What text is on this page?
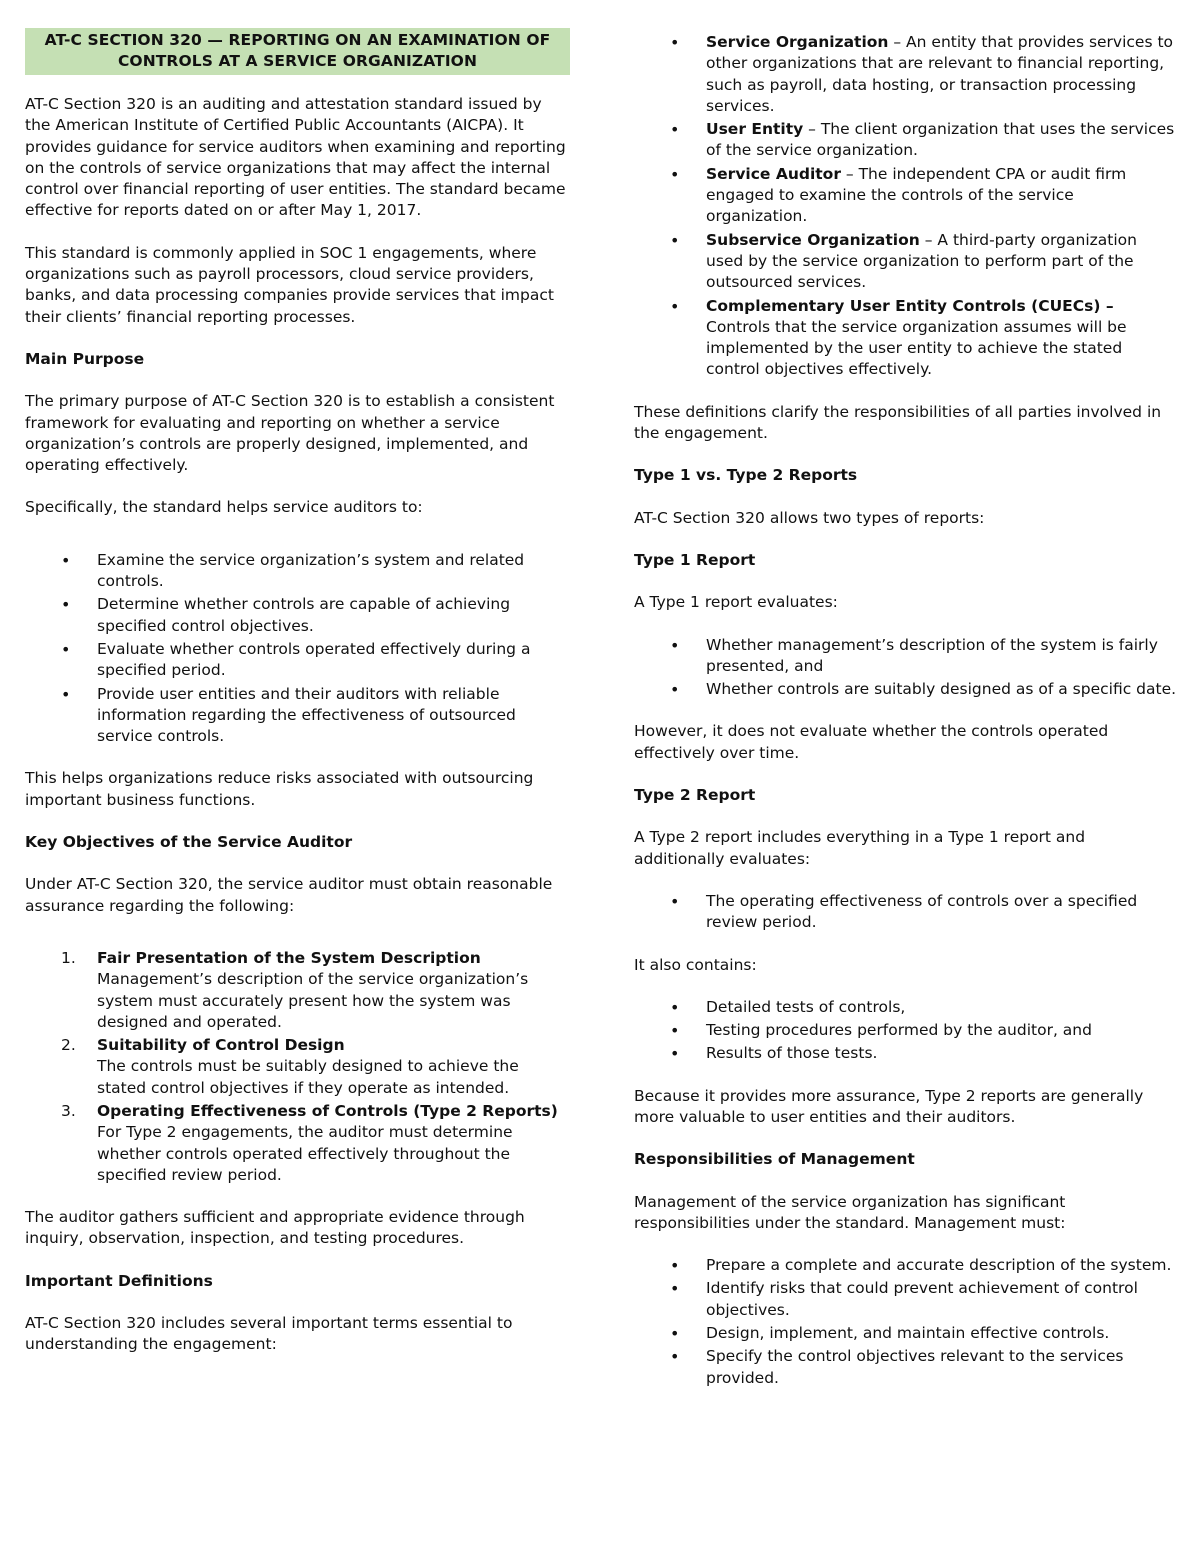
AT-C SECTION 320 — REPORTING ON AN EXAMINATION OF
CONTROLS AT A SERVICE ORGANIZATION

AT-C Section 320 is an auditing and attestation standard issued by the American Institute of Certified Public Accountants (AICPA). It provides guidance for service auditors when examining and reporting on the controls of service organizations that may affect the internal control over financial reporting of user entities. The standard became effective for reports dated on or after May 1, 2017.

This standard is commonly applied in SOC 1 engagements, where organizations such as payroll processors, cloud service providers, banks, and data processing companies provide services that impact their clients’ financial reporting processes.

Main Purpose

The primary purpose of AT-C Section 320 is to establish a consistent framework for evaluating and reporting on whether a service organization’s controls are properly designed, implemented, and operating effectively.

Specifically, the standard helps service auditors to:

• Examine the service organization’s system and related controls.
• Determine whether controls are capable of achieving specified control objectives.
• Evaluate whether controls operated effectively during a specified period.
• Provide user entities and their auditors with reliable information regarding the effectiveness of outsourced service controls.

This helps organizations reduce risks associated with outsourcing important business functions.

Key Objectives of the Service Auditor

Under AT-C Section 320, the service auditor must obtain reasonable assurance regarding the following:

1. Fair Presentation of the System Description
Management’s description of the service organization’s system must accurately present how the system was designed and operated.
2. Suitability of Control Design
The controls must be suitably designed to achieve the stated control objectives if they operate as intended.
3. Operating Effectiveness of Controls (Type 2 Reports)
For Type 2 engagements, the auditor must determine whether controls operated effectively throughout the specified review period.

The auditor gathers sufficient and appropriate evidence through inquiry, observation, inspection, and testing procedures.

Important Definitions

AT-C Section 320 includes several important terms essential to understanding the engagement:

• Service Organization – An entity that provides services to other organizations that are relevant to financial reporting, such as payroll, data hosting, or transaction processing services.
• User Entity – The client organization that uses the services of the service organization.
• Service Auditor – The independent CPA or audit firm engaged to examine the controls of the service organization.
• Subservice Organization – A third-party organization used by the service organization to perform part of the outsourced services.
• Complementary User Entity Controls (CUECs) – Controls that the service organization assumes will be implemented by the user entity to achieve the stated control objectives effectively.

These definitions clarify the responsibilities of all parties involved in the engagement.

Type 1 vs. Type 2 Reports

AT-C Section 320 allows two types of reports:

Type 1 Report

A Type 1 report evaluates:

• Whether management’s description of the system is fairly presented, and
• Whether controls are suitably designed as of a specific date.

However, it does not evaluate whether the controls operated effectively over time.

Type 2 Report

A Type 2 report includes everything in a Type 1 report and additionally evaluates:

• The operating effectiveness of controls over a specified review period.

It also contains:

• Detailed tests of controls,
• Testing procedures performed by the auditor, and
• Results of those tests.

Because it provides more assurance, Type 2 reports are generally more valuable to user entities and their auditors.

Responsibilities of Management

Management of the service organization has significant responsibilities under the standard. Management must:

• Prepare a complete and accurate description of the system.
• Identify risks that could prevent achievement of control objectives.
• Design, implement, and maintain effective controls.
• Specify the control objectives relevant to the services provided.
